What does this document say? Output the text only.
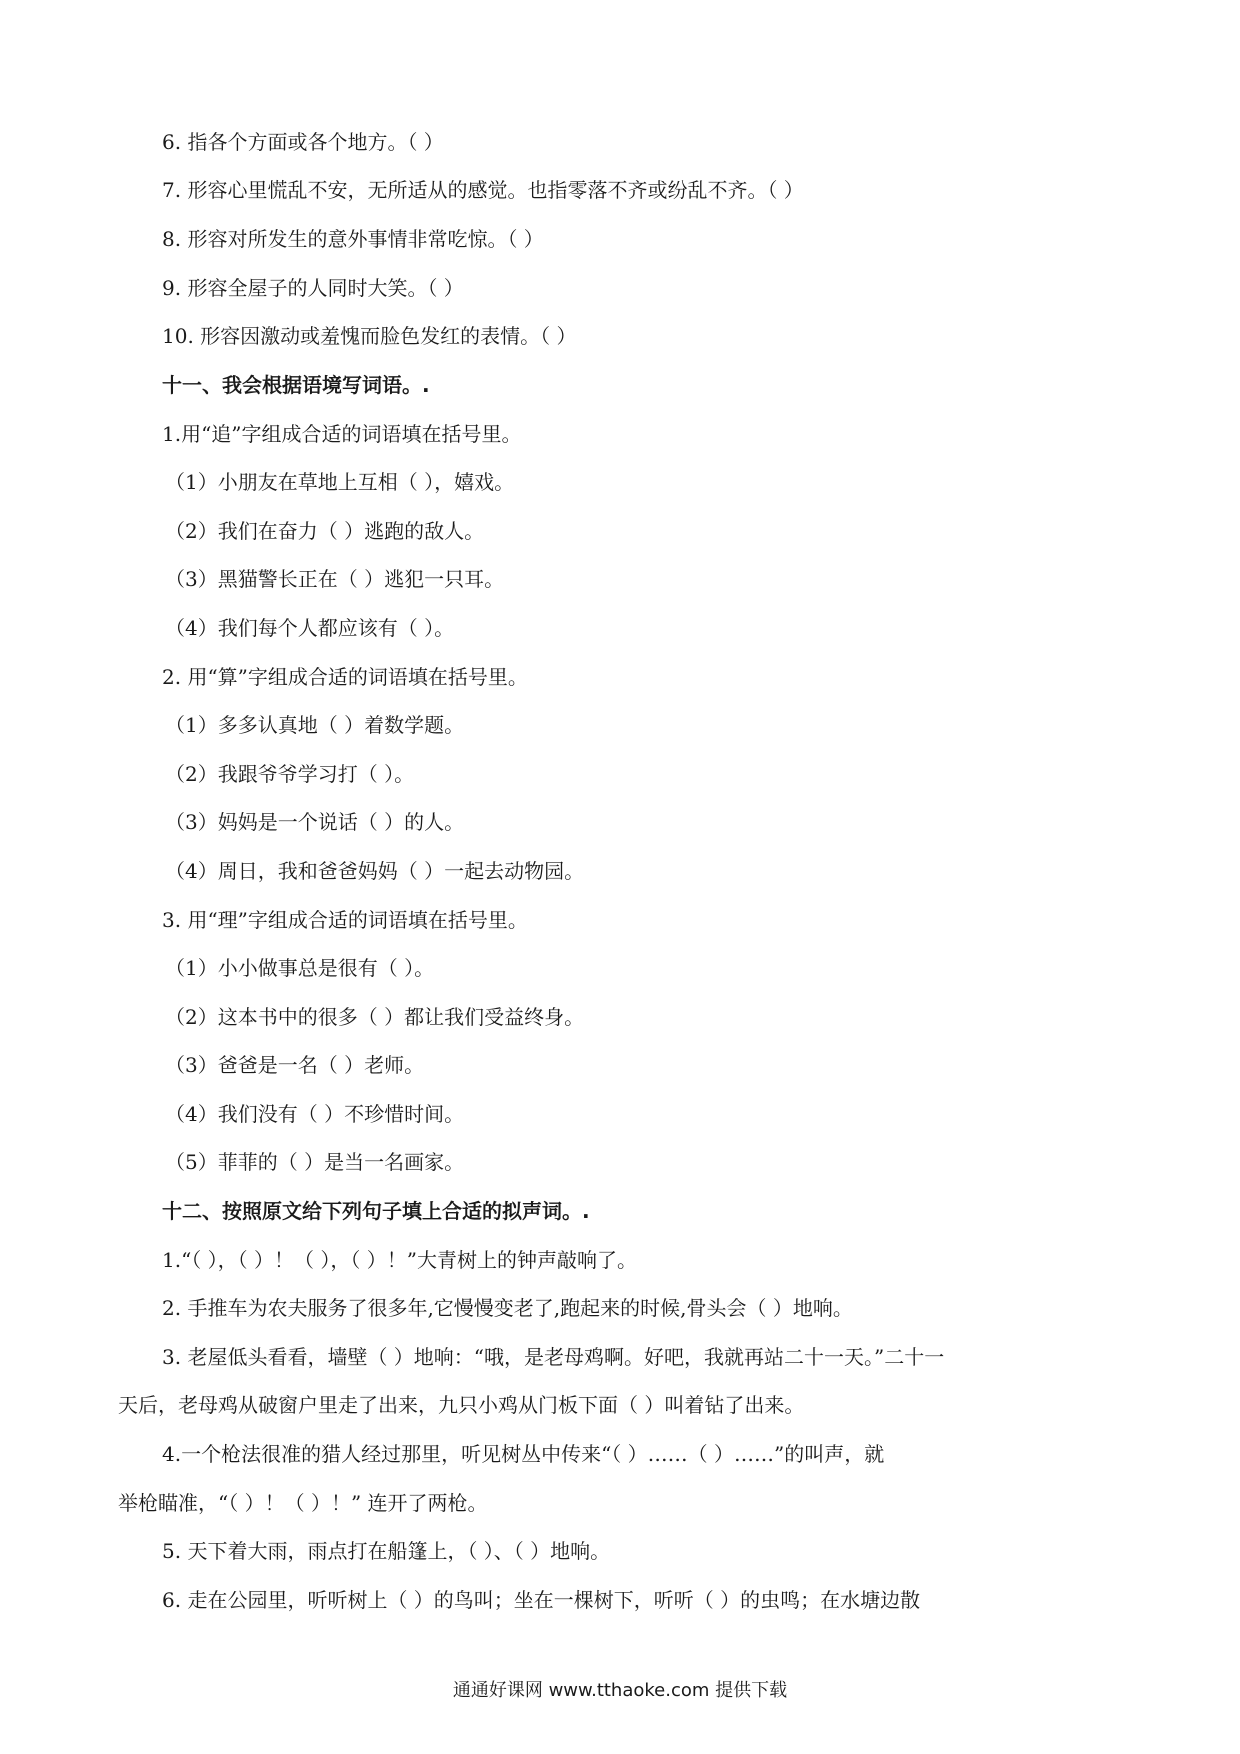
6. 指各个方面或各个地方。（ ）
7. 形容心里慌乱不安，无所适从的感觉。也指零落不齐或纷乱不齐。（ ）
8. 形容对所发生的意外事情非常吃惊。（ ）
9. 形容全屋子的人同时大笑。（ ）
10. 形容因激动或羞愧而脸色发红的表情。（ ）
十一、我会根据语境写词语。.
1.用“追”字组成合适的词语填在括号里。
（1）小朋友在草地上互相（ ），嬉戏。
（2）我们在奋力（ ）逃跑的敌人。
（3）黑猫警长正在（ ）逃犯一只耳。
（4）我们每个人都应该有（ ）。
2. 用“算”字组成合适的词语填在括号里。
（1）多多认真地（ ）着数学题。
（2）我跟爷爷学习打（ ）。
（3）妈妈是一个说话（ ）的人。
（4）周日，我和爸爸妈妈（ ）一起去动物园。
3. 用“理”字组成合适的词语填在括号里。
（1）小小做事总是很有（ ）。
（2）这本书中的很多（ ）都让我们受益终身。
（3）爸爸是一名（ ）老师。
（4）我们没有（ ）不珍惜时间。
（5）菲菲的（ ）是当一名画家。
十二、按照原文给下列句子填上合适的拟声词。.
1.“（ ），（ ）！（ ），（ ）！”大青树上的钟声敲响了。
2. 手推车为农夫服务了很多年,它慢慢变老了,跑起来的时候,骨头会（ ）地响。
3. 老屋低头看看，墙壁（ ）地响：“哦，是老母鸡啊。好吧，我就再站二十一天。”二十一
天后，老母鸡从破窗户里走了出来，九只小鸡从门板下面（ ）叫着钻了出来。
4.一个枪法很准的猎人经过那里，听见树丛中传来“（ ）……（ ）……”的叫声，就
举枪瞄准，“（ ）！（ ）！” 连开了两枪。
5. 天下着大雨，雨点打在船篷上，（ ）、（ ）地响。
6. 走在公园里，听听树上（ ）的鸟叫；坐在一棵树下，听听（ ）的虫鸣；在水塘边散
通通好课网 www.tthaoke.com 提供下载
